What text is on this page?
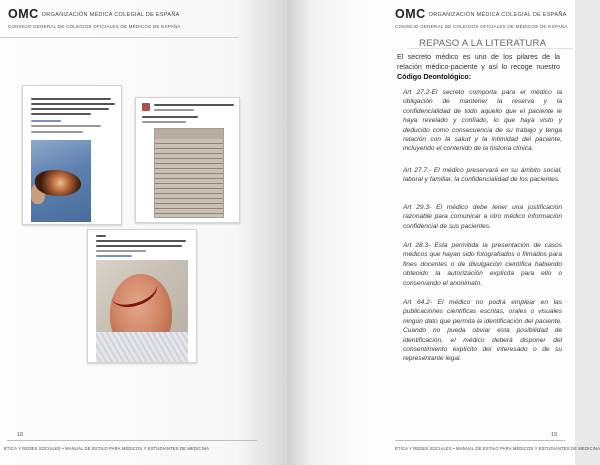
OMC ORGANIZACIÓN MÉDICA COLEGIAL DE ESPAÑA
CONSEJO GENERAL DE COLEGIOS OFICIALES DE MÉDICOS DE ESPAÑA
18
ÉTICA Y REDES SOCIALES • MANUAL DE ESTILO PARA MÉDICOS Y ESTUDIANTES DE MEDICINA
OMC ORGANIZACIÓN MÉDICA COLEGIAL DE ESPAÑA
CONSEJO GENERAL DE COLEGIOS OFICIALES DE MÉDICOS DE ESPAÑA
REPASO A LA LITERATURA
El secreto médico es uno de los pilares de la relación médico-paciente y así lo recoge nuestro Código Deontológico:
Art 27.2-El secreto comporta para el médico la obligación de mantener la reserva y la confidencialidad de todo aquello que el paciente le haya revelado y confiado, lo que haya visto y deducido como consecuencia de su trabajo y tenga relación con la salud y la intimidad del paciente, incluyendo el contenido de la historia clínica.
Art 27.7.- El médico preservará en su ámbito social, laboral y familiar, la confidencialidad de los pacientes.
Art 29.3- El médico debe tener una justificación razonable para comunicar a otro médico información confidencial de sus pacientes.
Art 28.3- Esta permitida la presentación de casos médicos que hayan sido fotografiados o filmados para fines docentes o de divulgación científica habiendo obtenido la autorización explícita para ello o conservando el anonimato.
Art 64.2- El médico no podrá emplear en las publicaciones científicas escritas, orales o visuales ningún dato que permita la identificación del paciente. Cuando no pueda obviar esta posibilidad de identificación, el médico deberá disponer del consentimiento explícito del interesado o de su representante legal.
19
ÉTICA Y REDES SOCIALES • MANUAL DE ESTILO PARA MÉDICOS Y ESTUDIANTES DE MEDICINA
